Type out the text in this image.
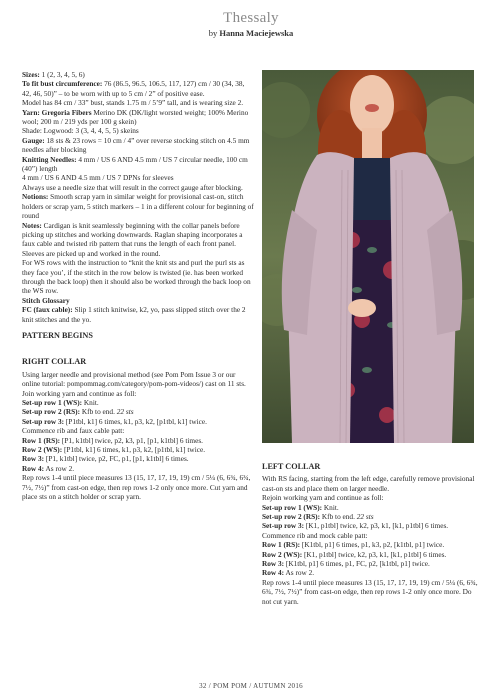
Thessaly
by Hanna Maciejewska

Sizes: 1 (2, 3, 4, 5, 6)

To fit bust circumference: 76 (86.5, 96.5, 106.5, 117, 127) cm / 30 (34, 38, 42, 46, 50)” – to be worn with up to 5 cm / 2” of positive ease.

Model has 84 cm / 33” bust, stands 1.75 m / 5’9” tall, and is wearing size 2.

Yarn: Gregoria Fibers Merino DK (DK/light worsted weight; 100% Merino wool; 200 m / 219 yds per 100 g skein)

Shade: Logwood: 3 (3, 4, 4, 5, 5) skeins

Gauge: 18 sts & 23 rows = 10 cm / 4” over reverse stocking stitch on 4.5 mm needles after blocking

Knitting Needles: 4 mm / US 6 AND 4.5 mm / US 7 circular needle, 100 cm (40”) length

4 mm / US 6 AND 4.5 mm / US 7 DPNs for sleeves

Always use a needle size that will result in the correct gauge after blocking.

Notions: Smooth scrap yarn in similar weight for provisional cast-on, stitch holders or scrap yarn, 5 stitch markers – 1 in a different colour for beginning of round

Notes: Cardigan is knit seamlessly beginning with the collar panels before picking up stitches and working downwards. Raglan shaping incorporates a faux cable and twisted rib pattern that runs the length of each front panel. Sleeves are picked up and worked in the round.

For WS rows with the instruction to “knit the knit sts and purl the purl sts as they face you’, if the stitch in the row below is twisted (ie. has been worked through the back loop) then it should also be worked through the back loop on the WS row.

Stitch Glossary

FC (faux cable): Slip 1 stitch knitwise, k2, yo, pass slipped stitch over the 2 knit stitches and the yo.

PATTERN BEGINS

RIGHT COLLAR

Using larger needle and provisional method (see Pom Pom Issue 3 or our online tutorial: pompommag.com/category/pom-pom-videos/) cast on 11 sts.

Join working yarn and continue as foll:

Set-up row 1 (WS): Knit.

Set-up row 2 (RS): Kfb to end. 22 sts

Set-up row 3: [P1tbl, k1] 6 times, k1, p3, k2, [p1tbl, k1] twice.

Commence rib and faux cable patt:

Row 1 (RS): [P1, k1tbl] twice, p2, k3, p1, [p1, k1tbl] 6 times.

Row 2 (WS): [P1tbl, k1] 6 times, k1, p3, k2, [p1tbl, k1] twice.

Row 3: [P1, k1tbl] twice, p2, FC, p1, [p1, k1tbl] 6 times.

Row 4: As row 2.

Rep rows 1-4 until piece measures 13 (15, 17, 17, 19, 19) cm / 5¼ (6, 6¾, 6¾, 7½, 7½)” from cast-on edge, then rep rows 1-2 only once more. Cut yarn and place sts on a stitch holder or scrap yarn.

LEFT COLLAR

With RS facing, starting from the left edge, carefully remove provisional cast-on sts and place them on larger needle.

Rejoin working yarn and continue as foll:

Set-up row 1 (WS): Knit.

Set-up row 2 (RS): Kfb to end. 22 sts

Set-up row 3: [K1, p1tbl] twice, k2, p3, k1, [k1, p1tbl] 6 times.

Commence rib and mock cable patt:

Row 1 (RS): [K1tbl, p1] 6 times, p1, k3, p2, [k1tbl, p1] twice.

Row 2 (WS): [K1, p1tbl] twice, k2, p3, k1, [k1, p1tbl] 6 times.

Row 3: [K1tbl, p1] 6 times, p1, FC, p2, [k1tbl, p1] twice.

Row 4: As row 2.

Rep rows 1-4 until piece measures 13 (15, 17, 17, 19, 19) cm / 5¼ (6, 6¾, 6¾, 7½, 7½)” from cast-on edge, then rep rows 1-2 only once more. Do not cut yarn.

32 / POM POM / AUTUMN 2016
